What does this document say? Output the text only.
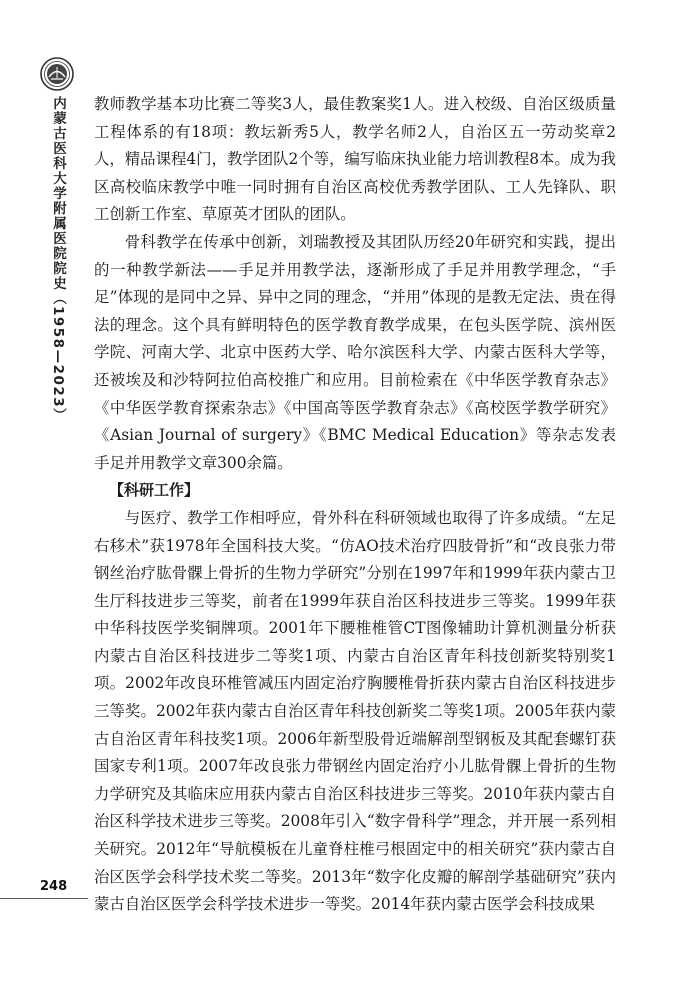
内蒙古医科大学附属医院院史（1958—2023）
248

教师教学基本功比赛二等奖3人，最佳教案奖1人。进入校级、自治区级质量工程体系的有18项：教坛新秀5人，教学名师2人，自治区五一劳动奖章2人，精品课程4门，教学团队2个等，编写临床执业能力培训教程8本。成为我区高校临床教学中唯一同时拥有自治区高校优秀教学团队、工人先锋队、职工创新工作室、草原英才团队的团队。

骨科教学在传承中创新，刘瑞教授及其团队历经20年研究和实践，提出的一种教学新法——手足并用教学法，逐渐形成了手足并用教学理念，“手足”体现的是同中之异、异中之同的理念，“并用”体现的是教无定法、贵在得法的理念。这个具有鲜明特色的医学教育教学成果，在包头医学院、滨州医学院、河南大学、北京中医药大学、哈尔滨医科大学、内蒙古医科大学等，还被埃及和沙特阿拉伯高校推广和应用。目前检索在《中华医学教育杂志》《中华医学教育探索杂志》《中国高等医学教育杂志》《高校医学教学研究》《Asian Journal of surgery》《BMC Medical Education》等杂志发表手足并用教学文章300余篇。

【科研工作】

与医疗、教学工作相呼应，骨外科在科研领域也取得了许多成绩。“左足右移术”获1978年全国科技大奖。“仿AO技术治疗四肢骨折”和“改良张力带钢丝治疗肱骨髁上骨折的生物力学研究”分别在1997年和1999年获内蒙古卫生厅科技进步三等奖，前者在1999年获自治区科技进步三等奖。1999年获中华科技医学奖铜牌项。2001年下腰椎椎管CT图像辅助计算机测量分析获内蒙古自治区科技进步二等奖1项、内蒙古自治区青年科技创新奖特别奖1项。2002年改良环椎管减压内固定治疗胸腰椎骨折获内蒙古自治区科技进步三等奖。2002年获内蒙古自治区青年科技创新奖二等奖1项。2005年获内蒙古自治区青年科技奖1项。2006年新型股骨近端解剖型钢板及其配套螺钉获国家专利1项。2007年改良张力带钢丝内固定治疗小儿肱骨髁上骨折的生物力学研究及其临床应用获内蒙古自治区科技进步三等奖。2010年获内蒙古自治区科学技术进步三等奖。2008年引入“数字骨科学”理念，并开展一系列相关研究。2012年“导航模板在儿童脊柱椎弓根固定中的相关研究”获内蒙古自治区医学会科学技术奖二等奖。2013年“数字化皮瓣的解剖学基础研究”获内蒙古自治区医学会科学技术进步一等奖。2014年获内蒙古医学会科技成果
